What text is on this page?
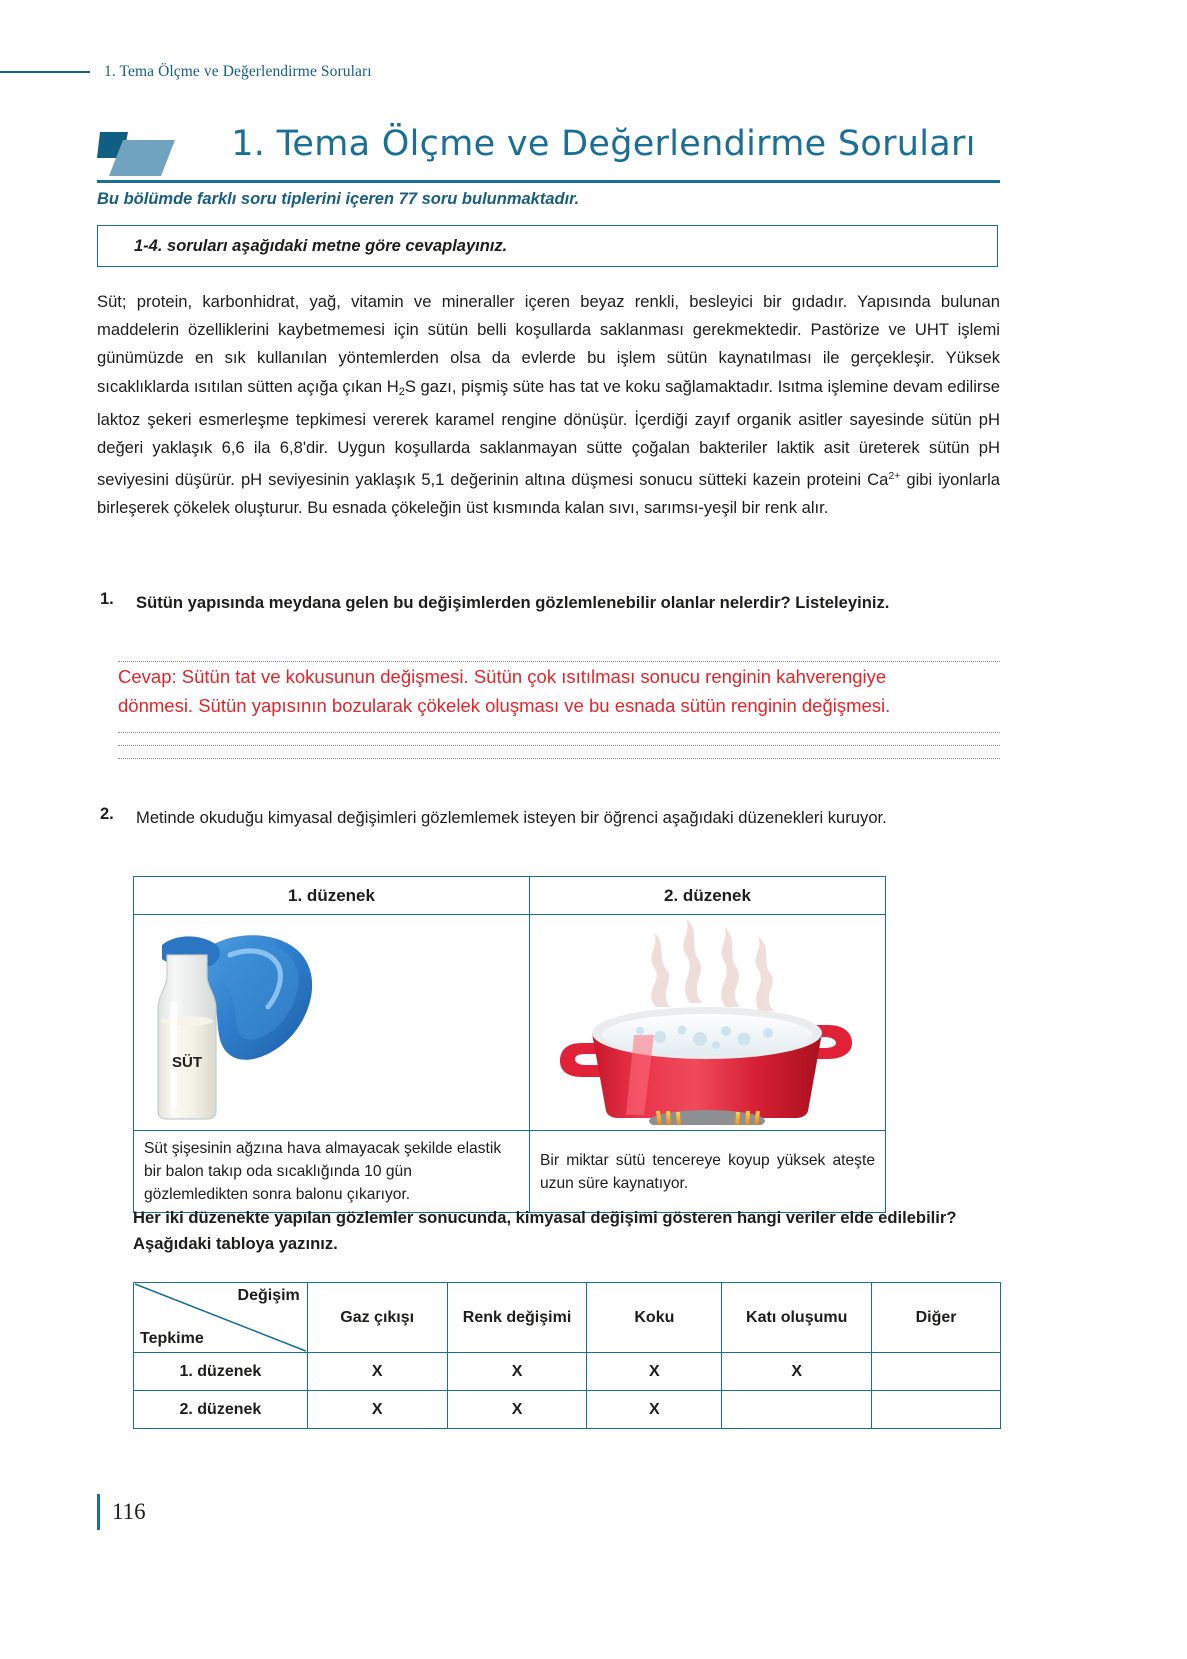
1. Tema Ölçme ve Değerlendirme Soruları
1. Tema Ölçme ve Değerlendirme Soruları
Bu bölümde farklı soru tiplerini içeren 77 soru bulunmaktadır.
1-4. soruları aşağıdaki metne göre cevaplayınız.
Süt; protein, karbonhidrat, yağ, vitamin ve mineraller içeren beyaz renkli, besleyici bir gıdadır. Yapısında bulunan maddelerin özelliklerini kaybetmemesi için sütün belli koşullarda saklanması gerekmektedir. Pastörize ve UHT işlemi günümüzde en sık kullanılan yöntemlerden olsa da evlerde bu işlem sütün kaynatılması ile gerçekleşir. Yüksek sıcaklıklarda ısıtılan sütten açığa çıkan $H_2S$ gazı, pişmiş süte has tat ve koku sağlamaktadır. Isıtma işlemine devam edilirse laktoz şekeri esmerleşme tepkimesi vererek karamel rengine dönüşür. İçerdiği zayıf organik asitler sayesinde sütün pH değeri yaklaşık 6,6 ila 6,8'dir. Uygun koşullarda saklanmayan sütte çoğalan bakteriler laktik asit üreterek sütün pH seviyesini düşürür. pH seviyesinin yaklaşık 5,1 değerinin altına düşmesi sonucu sütteki kazein proteini $Ca^{2+}$ gibi iyonlarla birleşerek çökelek oluşturur. Bu esnada çökeleğin üst kısmında kalan sıvı, sarımsı-yeşil bir renk alır.
1.	Sütün yapısında meydana gelen bu değişimlerden gözlemlenebilir olanlar nelerdir? Listeleyiniz.
Cevap: Sütün tat ve kokusunun değişmesi. Sütün çok ısıtılması sonucu renginin kahverengiye
dönmesi. Sütün yapısının bozularak çökelek oluşması ve bu esnada sütün renginin değişmesi.
2.	Metinde okuduğu kimyasal değişimleri gözlemlemek isteyen bir öğrenci aşağıdaki düzenekleri kuruyor.
1. düzenek	2. düzenek

SÜT

Süt şişesinin ağzına hava almayacak şekilde elastik bir balon takıp oda sıcaklığında 10 gün gözlemledikten sonra balonu çıkarıyor.	Bir miktar sütü tencereye koyup yüksek ateşte uzun süre kaynatıyor.
Her iki düzenekte yapılan gözlemler sonucunda, kimyasal değişimi gösteren hangi veriler elde edilebilir? Aşağıdaki tabloya yazınız.
Değişim
Tepkime	Gaz çıkışı	Renk değişimi	Koku	Katı oluşumu	Diğer
1. düzenek	X	X	X	X	
2. düzenek	X	X	X		
116
